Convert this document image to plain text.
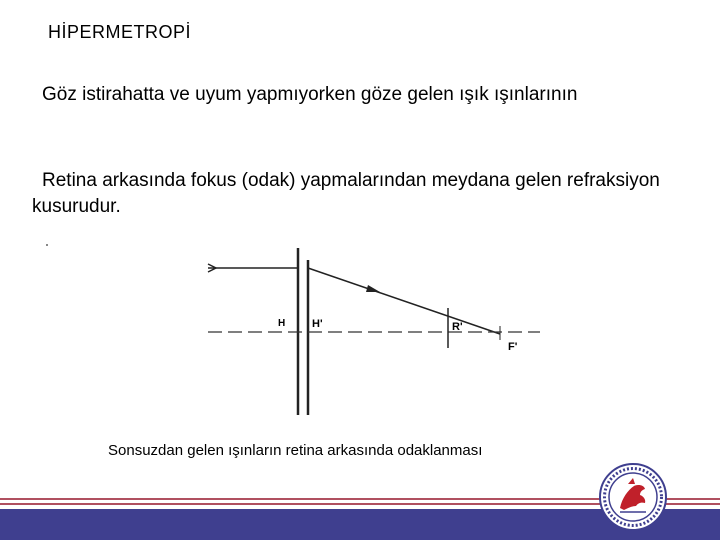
HİPERMETROPİ
Göz istirahatta ve uyum yapmıyorken göze gelen ışık ışınlarının
Retina arkasında fokus (odak) yapmalarından meydana gelen refraksiyon kusurudur.
H H'	R'
F'
Sonsuzdan gelen ışınların retina arkasında odaklanması
